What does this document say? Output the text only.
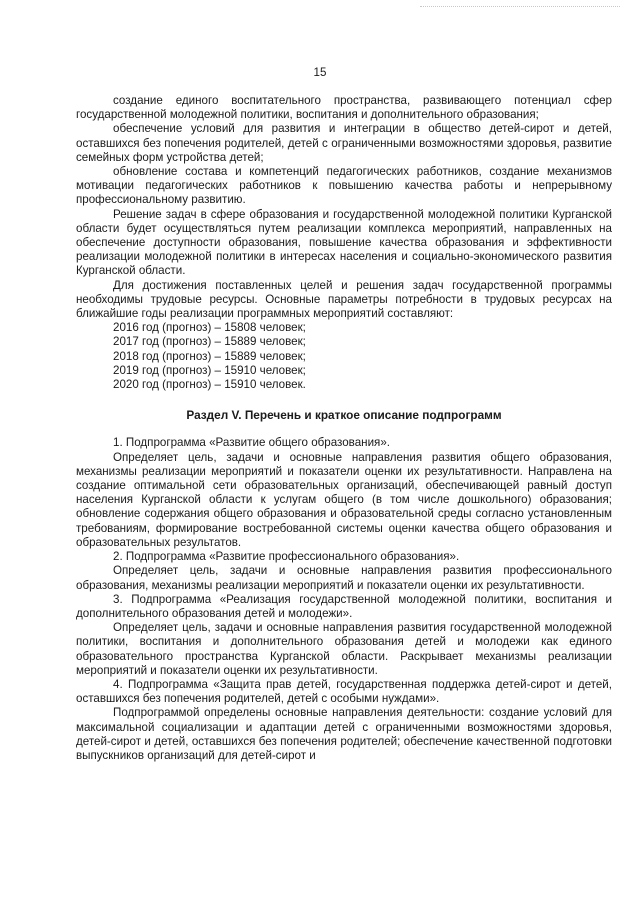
15

создание единого воспитательного пространства, развивающего потенциал сфер государственной молодежной политики, воспитания и дополнительного образования;

обеспечение условий для развития и интеграции в общество детей-сирот и детей, оставшихся без попечения родителей, детей с ограниченными возможностями здоровья, развитие семейных форм устройства детей;

обновление состава и компетенций педагогических работников, создание механизмов мотивации педагогических работников к повышению качества работы и непрерывному профессиональному развитию.

Решение задач в сфере образования и государственной молодежной политики Курганской области будет осуществляться путем реализации комплекса мероприятий, направленных на обеспечение доступности образования, повышение качества образования и эффективности реализации молодежной политики в интересах населения и социально-экономического развития Курганской области.

Для достижения поставленных целей и решения задач государственной программы необходимы трудовые ресурсы. Основные параметры потребности в трудовых ресурсах на ближайшие годы реализации программных мероприятий составляют:

2016 год (прогноз) – 15808 человек;
2017 год (прогноз) – 15889 человек;
2018 год (прогноз) – 15889 человек;
2019 год (прогноз) – 15910 человек;
2020 год (прогноз) – 15910 человек.
Раздел V. Перечень и краткое описание подпрограмм

1. Подпрограмма «Развитие общего образования».

Определяет цель, задачи и основные направления развития общего образования, механизмы реализации мероприятий и показатели оценки их результативности. Направлена на создание оптимальной сети образовательных организаций, обеспечивающей равный доступ населения Курганской области к услугам общего (в том числе дошкольного) образования; обновление содержания общего образования и образовательной среды согласно установленным требованиям, формирование востребованной системы оценки качества общего образования и образовательных результатов.

2. Подпрограмма «Развитие профессионального образования».

Определяет цель, задачи и основные направления развития профессионального образования, механизмы реализации мероприятий и показатели оценки их результативности.

3. Подпрограмма «Реализация государственной молодежной политики, воспитания и дополнительного образования детей и молодежи».

Определяет цель, задачи и основные направления развития государственной молодежной политики, воспитания и дополнительного образования детей и молодежи как единого образовательного пространства Курганской области. Раскрывает механизмы реализации мероприятий и показатели оценки их результативности.

4. Подпрограмма «Защита прав детей, государственная поддержка детей-сирот и детей, оставшихся без попечения родителей, детей с особыми нуждами».

Подпрограммой определены основные направления деятельности: создание условий для максимальной социализации и адаптации детей с ограниченными возможностями здоровья, детей-сирот и детей, оставшихся без попечения родителей; обеспечение качественной подготовки выпускников организаций для детей-сирот и
